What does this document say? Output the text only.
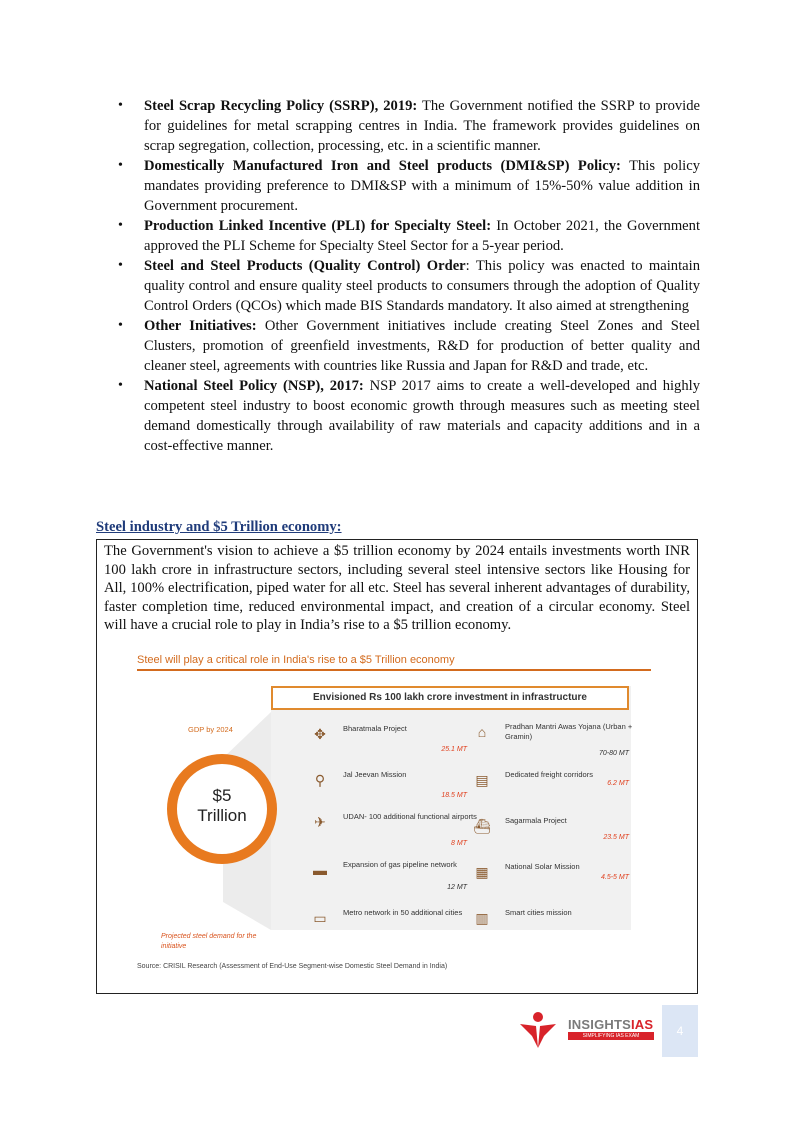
• Steel Scrap Recycling Policy (SSRP), 2019: The Government notified the SSRP to provide for guidelines for metal scrapping centres in India. The framework provides guidelines on scrap segregation, collection, processing, etc. in a scientific manner.
• Domestically Manufactured Iron and Steel products (DMI&SP) Policy: This policy mandates providing preference to DMI&SP with a minimum of 15%-50% value addition in Government procurement.
• Production Linked Incentive (PLI) for Specialty Steel: In October 2021, the Government approved the PLI Scheme for Specialty Steel Sector for a 5-year period.
• Steel and Steel Products (Quality Control) Order: This policy was enacted to maintain quality control and ensure quality steel products to consumers through the adoption of Quality Control Orders (QCOs) which made BIS Standards mandatory. It also aimed at strengthening
• Other Initiatives: Other Government initiatives include creating Steel Zones and Steel Clusters, promotion of greenfield investments, R&D for production of better quality and cleaner steel, agreements with countries like Russia and Japan for R&D and trade, etc.
• National Steel Policy (NSP), 2017: NSP 2017 aims to create a well-developed and highly competent steel industry to boost economic growth through measures such as meeting steel demand domestically through availability of raw materials and capacity additions and in a cost-effective manner.
Steel industry and $5 Trillion economy:

The Government's vision to achieve a $5 trillion economy by 2024 entails investments worth INR 100 lakh crore in infrastructure sectors, including several steel intensive sectors like Housing for All, 100% electrification, piped water for all etc. Steel has several inherent advantages of durability, faster completion time, reduced environmental impact, and creation of a circular economy. Steel will have a crucial role to play in India’s rise to a $5 trillion economy.

Steel will play a critical role in India's rise to a $5 Trillion economy
Envisioned Rs 100 lakh crore investment in infrastructure
GDP by 2024
$5
Trillion
✥	Bharatmala Project
25.1 MT
⚲	Jal Jeevan Mission
18.5 MT
✈	UDAN- 100 additional functional airports
8 MT
▬	Expansion of gas pipeline network
12 MT
▭	Metro network in 50 additional cities
⌂	Pradhan Mantri Awas Yojana (Urban + Gramin)
70-80 MT
▤	Dedicated freight corridors
6.2 MT
⛴ Sagarmala Project
23.5 MT
▦	National Solar Mission
4.5-5 MT
▥	Smart cities mission
Projected steel demand for the initiative
Source: CRISIL Research (Assessment of End-Use Segment-wise Domestic Steel Demand in India)
INSIGHTSIAS
SIMPLIFYING IAS EXAM PREPARATION
4
